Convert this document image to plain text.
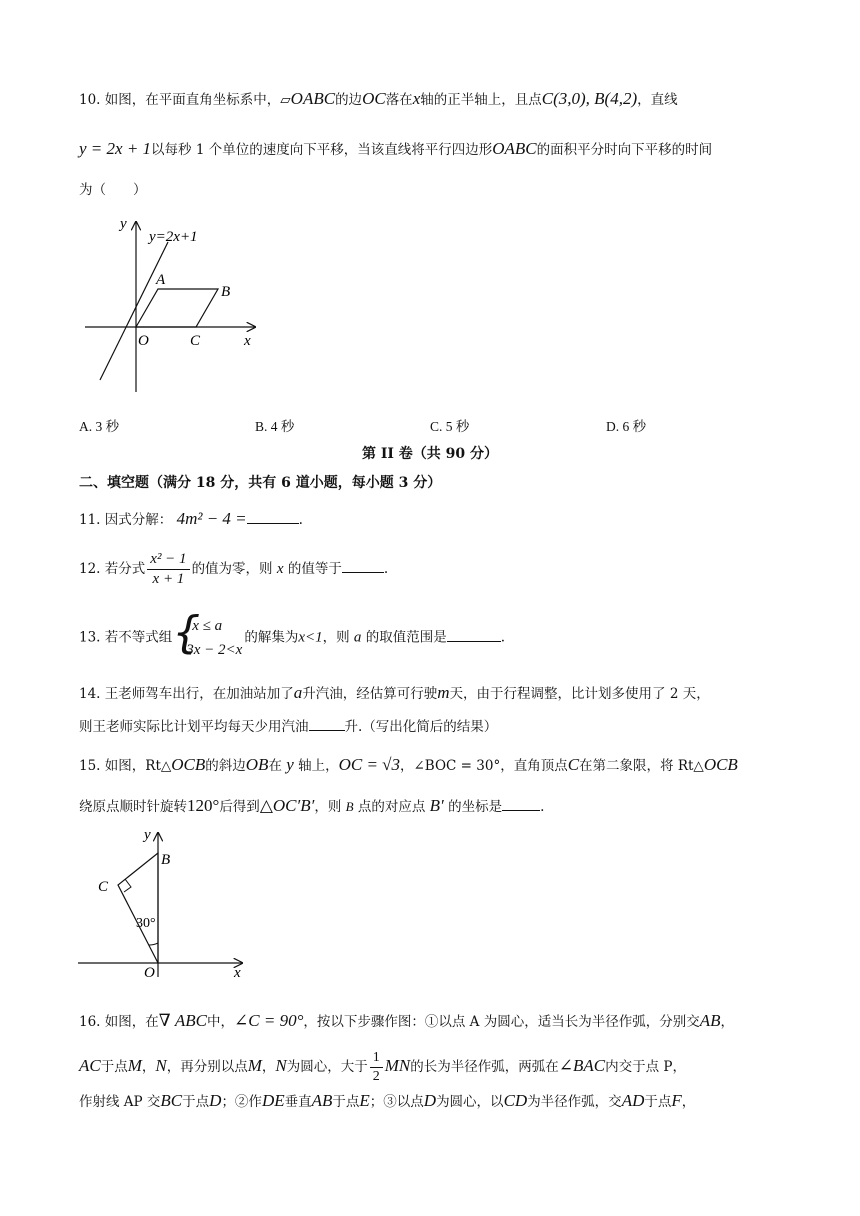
10. 如图，在平面直角坐标系中，▱OABC的边OC落在x轴的正半轴上，且点C(3,0), B(4,2)，直线
y = 2x + 1以每秒 1 个单位的速度向下平移，当该直线将平行四边形OABC的面积平分时向下平移的时间
为（　　）
y
y=2x+1
A
B
O	C	x
A. 3 秒	B. 4 秒	C. 5 秒	D. 6 秒
第 II 卷（共 90 分）
二、填空题（满分 18 分，共有 6 道小题，每小题 3 分）
11. 因式分解： 4m² − 4 =	.
12. 若分式 $\frac{\text{x² − 1}}{x + 1}$ 的值为零，则 x 的值等于	.
13. 若不等式组 {
x ≤ a
3x − 2<x
的解集为x<1，则 a 的取值范围是	.
14. 王老师驾车出行，在加油站加了a升汽油，经估算可行驶m天，由于行程调整，比计划多使用了 2 天，
则王老师实际比计划平均每天少用汽油	升.（写出化简后的结果）
15. 如图，Rt△OCB的斜边OB在 y 轴上，OC = √3，∠BOC = 30°，直角顶点C在第二象限，将 Rt△OCB
绕原点顺时针旋转120°后得到△OC′B′，则 B 点的对应点 B′ 的坐标是	.
y
B
C
30°
O	x
16. 如图，在∇ ABC中，∠C = 90°，按以下步骤作图：①以点 A 为圆心，适当长为半径作弧，分别交AB，
AC于点M，N，再分别以点M，N为圆心，大于 $\frac{1}{2}$ MN的长为半径作弧，两弧在∠BAC内交于点 P，
作射线 AP 交BC于点D；②作DE垂直AB于点E；③以点D为圆心，以CD为半径作弧，交AD于点F，
